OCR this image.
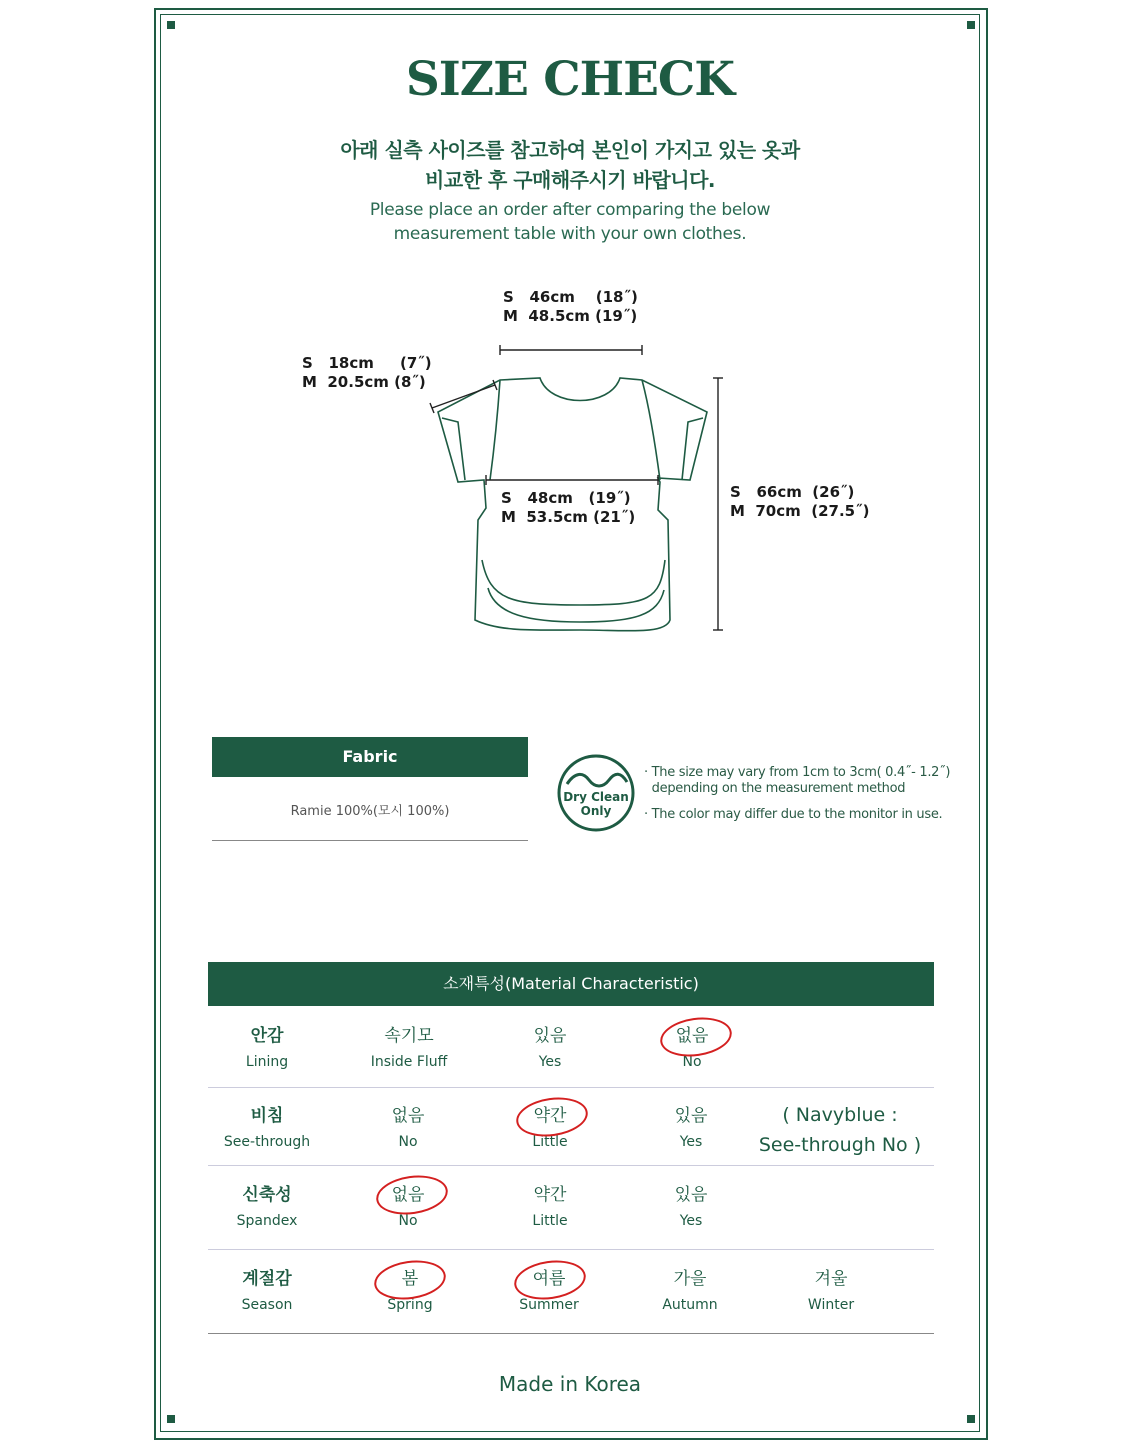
SIZE CHECK
아래 실측 사이즈를 참고하여 본인이 가지고 있는 옷과
비교한 후 구매해주시기 바랍니다.
Please place an order after comparing the below
measurement table with your own clothes.
S   46cm    (18˝)
M  48.5cm (19˝)
S   18cm     (7˝)
M  20.5cm (8˝)
S   48cm   (19˝)
M  53.5cm (21˝)
S   66cm  (26˝)
M  70cm  (27.5˝)
Fabric
Ramie 100%(모시 100%)
Dry Clean
Only
· The size may vary from 1cm to 3cm( 0.4˝- 1.2˝)
depending on the measurement method
· The color may differ due to the monitor in use.
소재특성(Material Characteristic)
안감
Lining
속기모
Inside Fluff
있음
Yes
없음
No
비침
See-through
없음
No
약간
Little
있음
Yes
( Navyblue :
See-through No )
신축성
Spandex
없음
No
약간
Little
있음
Yes
계절감
Season
봄
Spring
여름
Summer
가을
Autumn
겨울
Winter
Made in Korea
